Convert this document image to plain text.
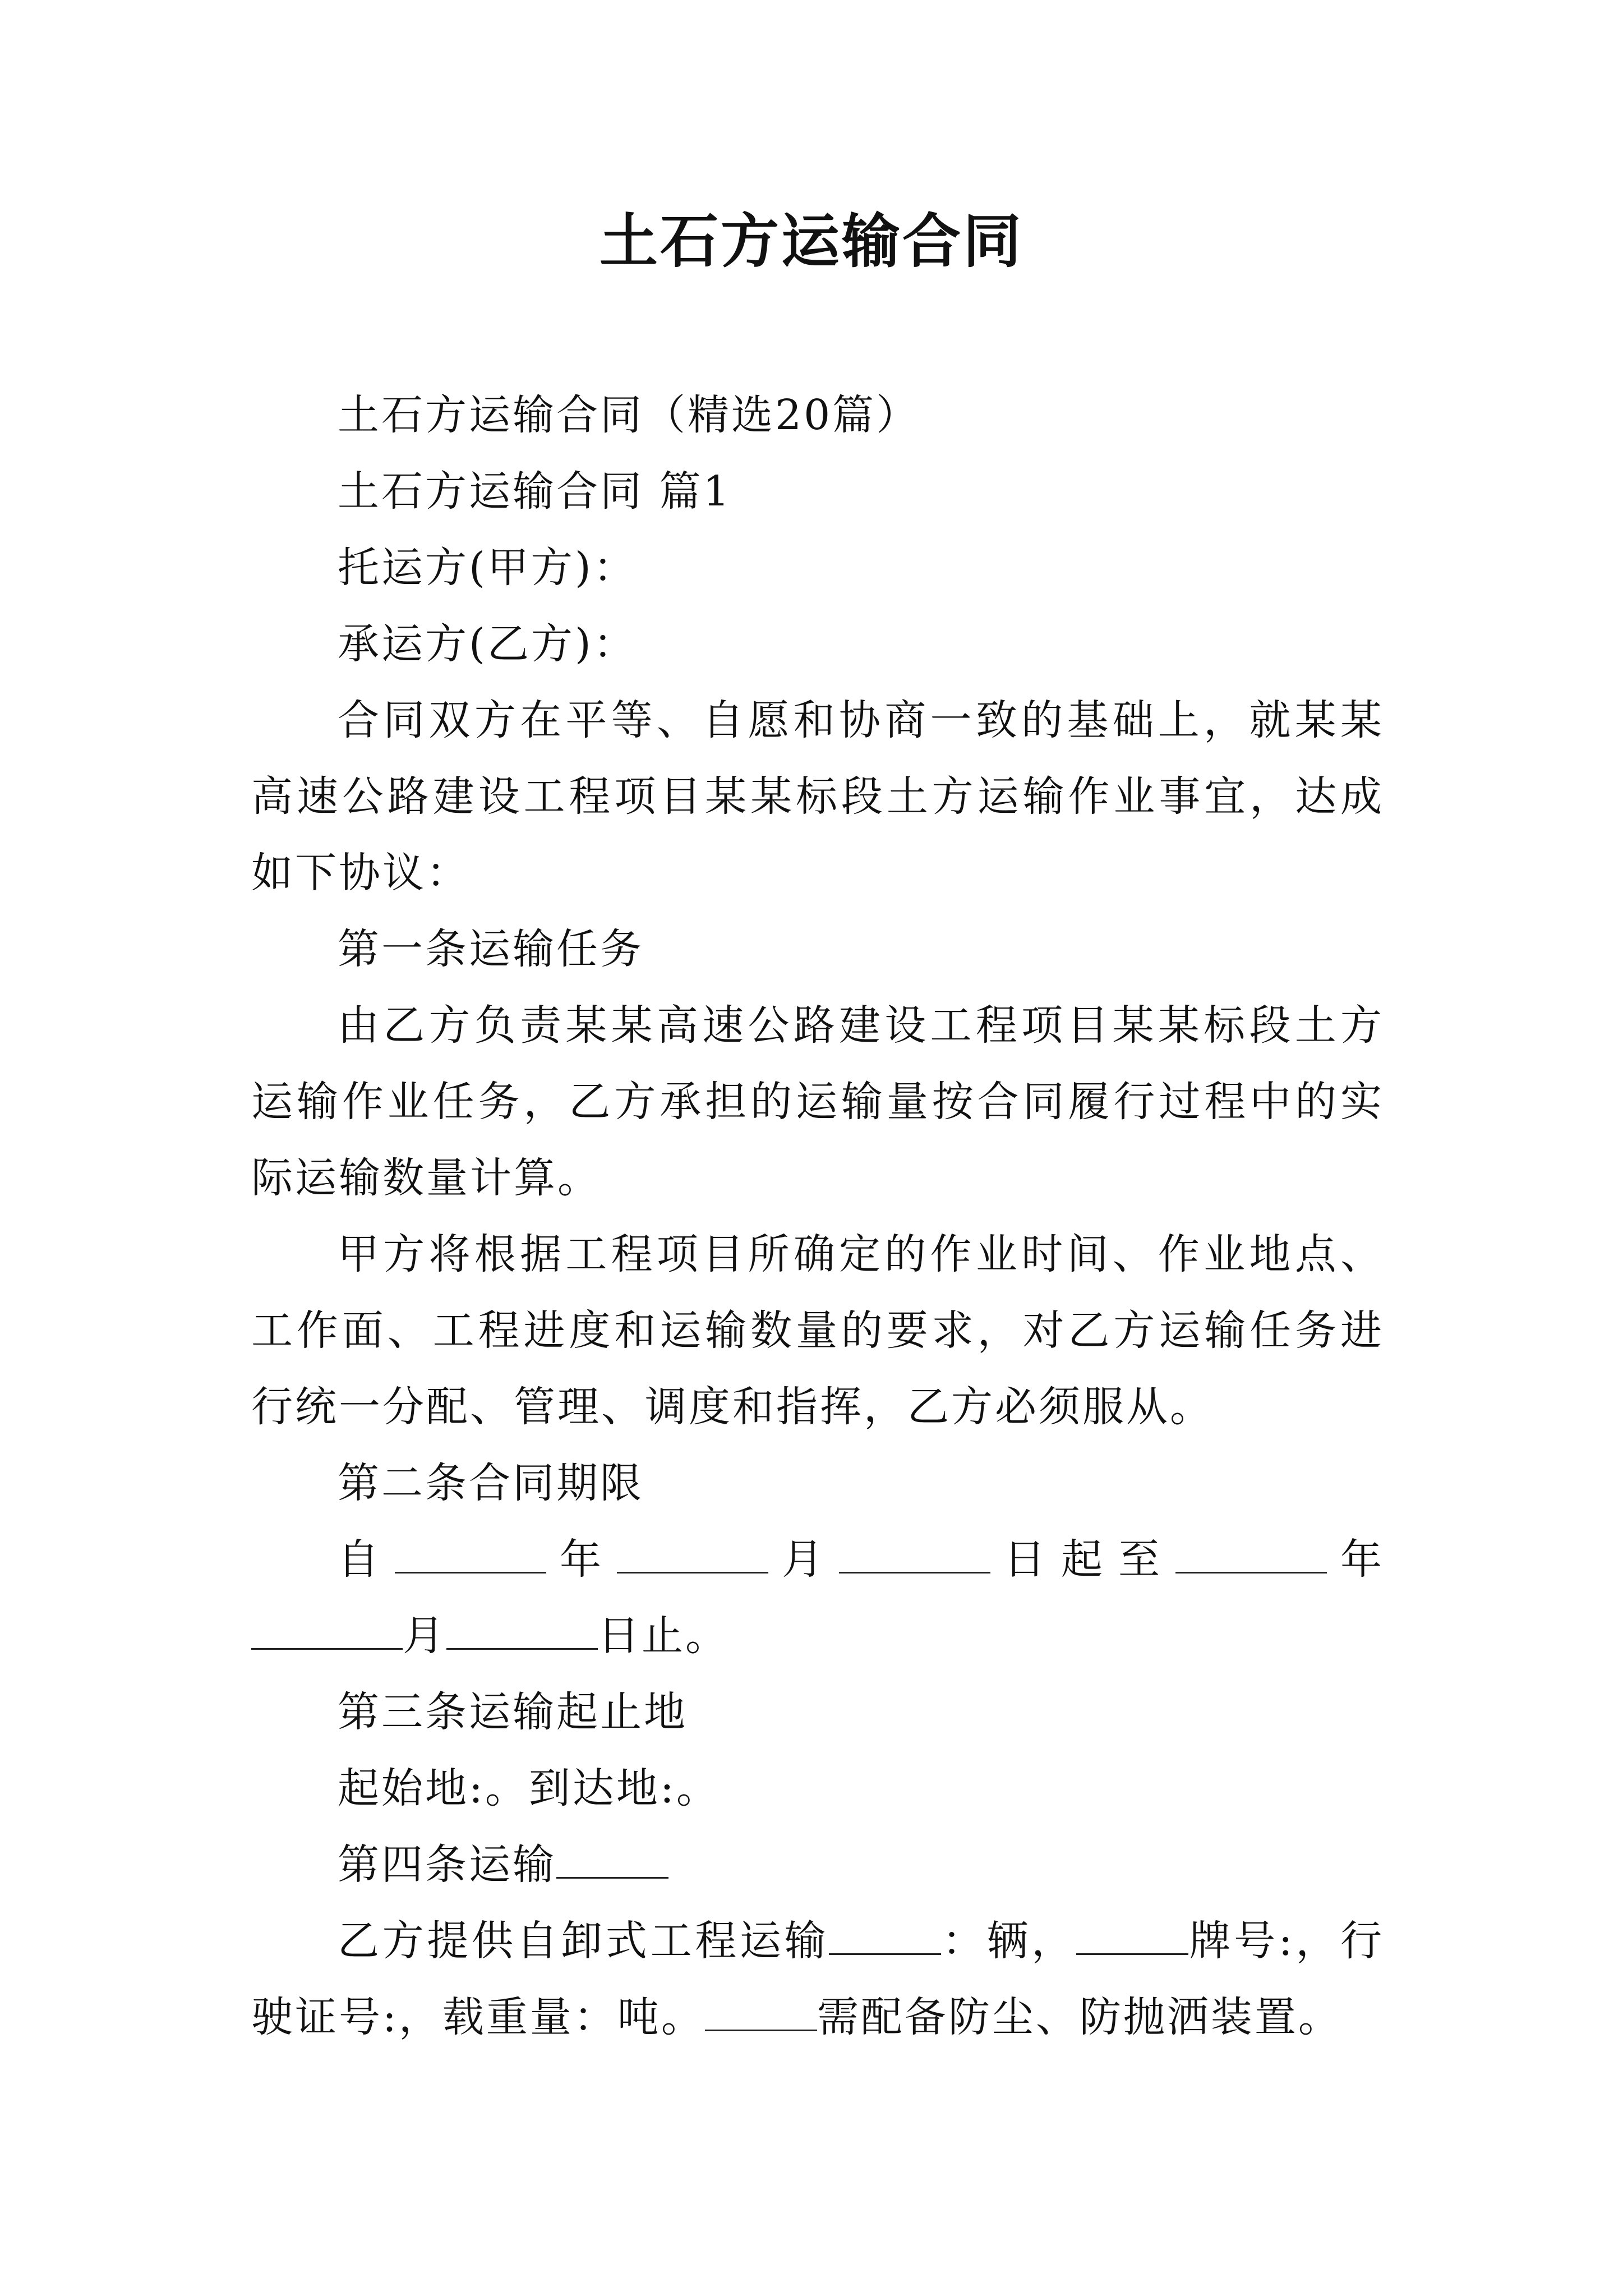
土石方运输合同

土石方运输合同（精选20篇）

土石方运输合同 篇1

托运方(甲方)：

承运方(乙方)：

合同双方在平等、自愿和协商一致的基础上，就某某高速公路建设工程项目某某标段土方运输作业事宜，达成如下协议：

第一条运输任务

由乙方负责某某高速公路建设工程项目某某标段土方运输作业任务，乙方承担的运输量按合同履行过程中的实际运输数量计算。

甲方将根据工程项目所确定的作业时间、作业地点、工作面、工程进度和运输数量的要求，对乙方运输任务进行统一分配、管理、调度和指挥，乙方必须服从。

第二条合同期限

自	年	月	日起至	年月	日止。

第三条运输起止地

起始地:。到达地:。

第四条运输

乙方提供自卸式工程运输	：辆，	牌号:，行驶证号:，载重量：吨。	需配备防尘、防抛洒装置。
